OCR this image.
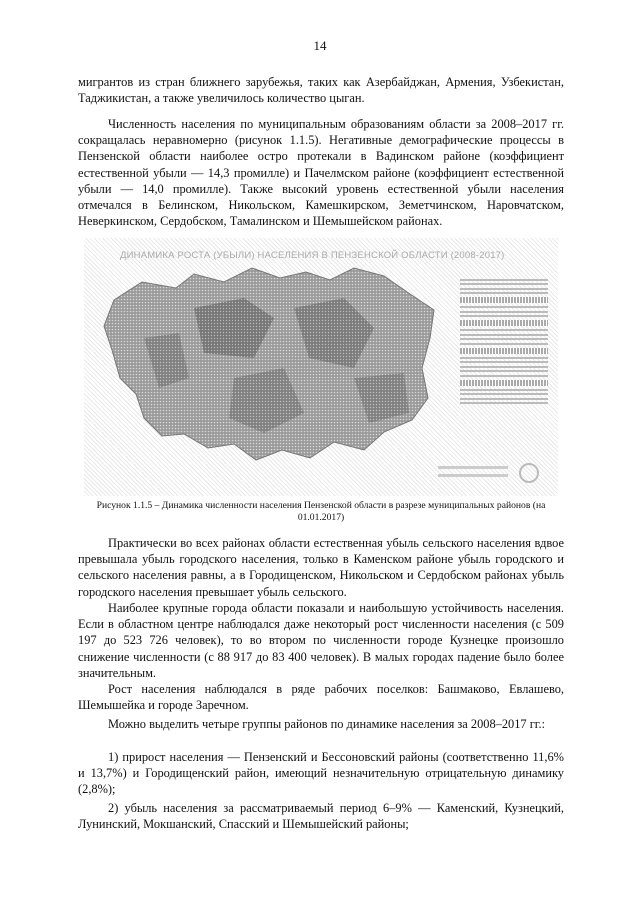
14

мигрантов из стран ближнего зарубежья, таких как Азербайджан, Армения, Узбекистан, Таджикистан, а также увеличилось количество цыган.

Численность населения по муниципальным образованиям области за 2008–2017 гг. сокращалась неравномерно (рисунок 1.1.5). Негативные демографические процессы в Пензенской области наиболее остро протекали в Вадинском районе (коэффициент естественной убыли — 14,3 промилле) и Пачелмском районе (коэффициент естественной убыли — 14,0 промилле). Также высокий уровень естественной убыли населения отмечался в Белинском, Никольском, Камешкирском, Земетчинском, Наровчатском, Неверкинском, Сердобском, Тамалинском и Шемышейском районах.

ДИНАМИКА РОСТА (УБЫЛИ) НАСЕЛЕНИЯ В ПЕНЗЕНСКОЙ ОБЛАСТИ (2008-2017)

Рисунок 1.1.5 – Динамика численности населения Пензенской области в разрезе муниципальных районов (на 01.01.2017)

Практически во всех районах области естественная убыль сельского населения вдвое превышала убыль городского населения, только в Каменском районе убыль городского и сельского населения равны, а в Городищенском, Никольском и Сердобском районах убыль городского населения превышает убыль сельского.

Наиболее крупные города области показали и наибольшую устойчивость населения. Если в областном центре наблюдался даже некоторый рост численности населения (с 509 197 до 523 726 человек), то во втором по численности городе Кузнецке произошло снижение численности (с 88 917 до 83 400 человек). В малых городах падение было более значительным.

Рост населения наблюдался в ряде рабочих поселков: Башмаково, Евлашево, Шемышейка и городе Заречном.

Можно выделить четыре группы районов по динамике населения за 2008–2017 гг.:

1) прирост населения — Пензенский и Бессоновский районы (соответственно 11,6% и 13,7%) и Городищенский район, имеющий незначительную отрицательную динамику (2,8%);

2) убыль населения за рассматриваемый период 6–9% — Каменский, Кузнецкий, Лунинский, Мокшанский, Спасский и Шемышейский районы;
